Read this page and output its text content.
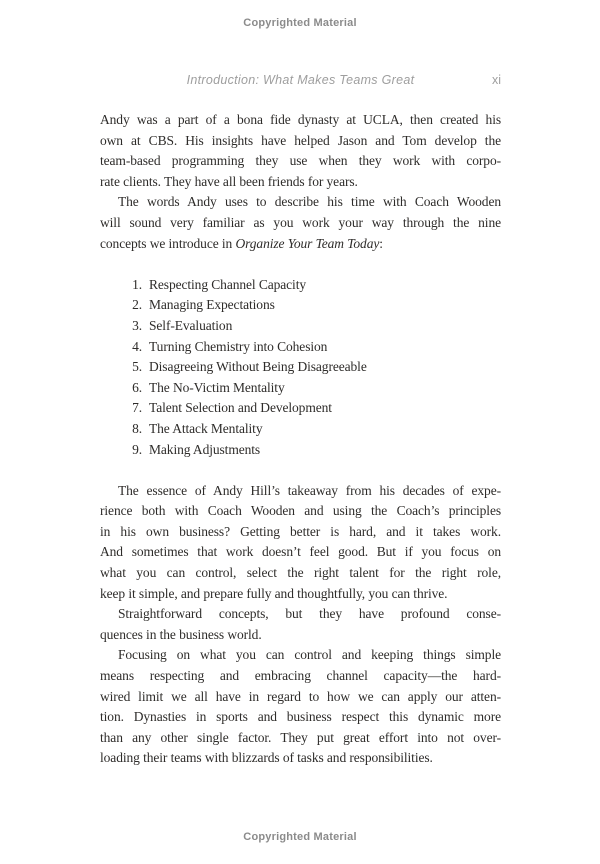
Copyrighted Material
Introduction: What Makes Teams Great	xi
Andy was a part of a bona fide dynasty at UCLA, then created his
own at CBS. His insights have helped Jason and Tom develop the
team-based programming they use when they work with corpo-
rate clients. They have all been friends for years.
The words Andy uses to describe his time with Coach Wooden
will sound very familiar as you work your way through the nine
concepts we introduce in Organize Your Team Today:
1. Respecting Channel Capacity
2. Managing Expectations
3. Self-Evaluation
4. Turning Chemistry into Cohesion
5. Disagreeing Without Being Disagreeable
6. The No-Victim Mentality
7. Talent Selection and Development
8. The Attack Mentality
9. Making Adjustments
The essence of Andy Hill’s takeaway from his decades of expe-
rience both with Coach Wooden and using the Coach’s principles
in his own business? Getting better is hard, and it takes work.
And sometimes that work doesn’t feel good. But if you focus on
what you can control, select the right talent for the right role,
keep it simple, and prepare fully and thoughtfully, you can thrive.
Straightforward concepts, but they have profound conse-
quences in the business world.
Focusing on what you can control and keeping things simple
means respecting and embracing channel capacity—the hard-
wired limit we all have in regard to how we can apply our atten-
tion. Dynasties in sports and business respect this dynamic more
than any other single factor. They put great effort into not over-
loading their teams with blizzards of tasks and responsibilities.
Copyrighted Material
